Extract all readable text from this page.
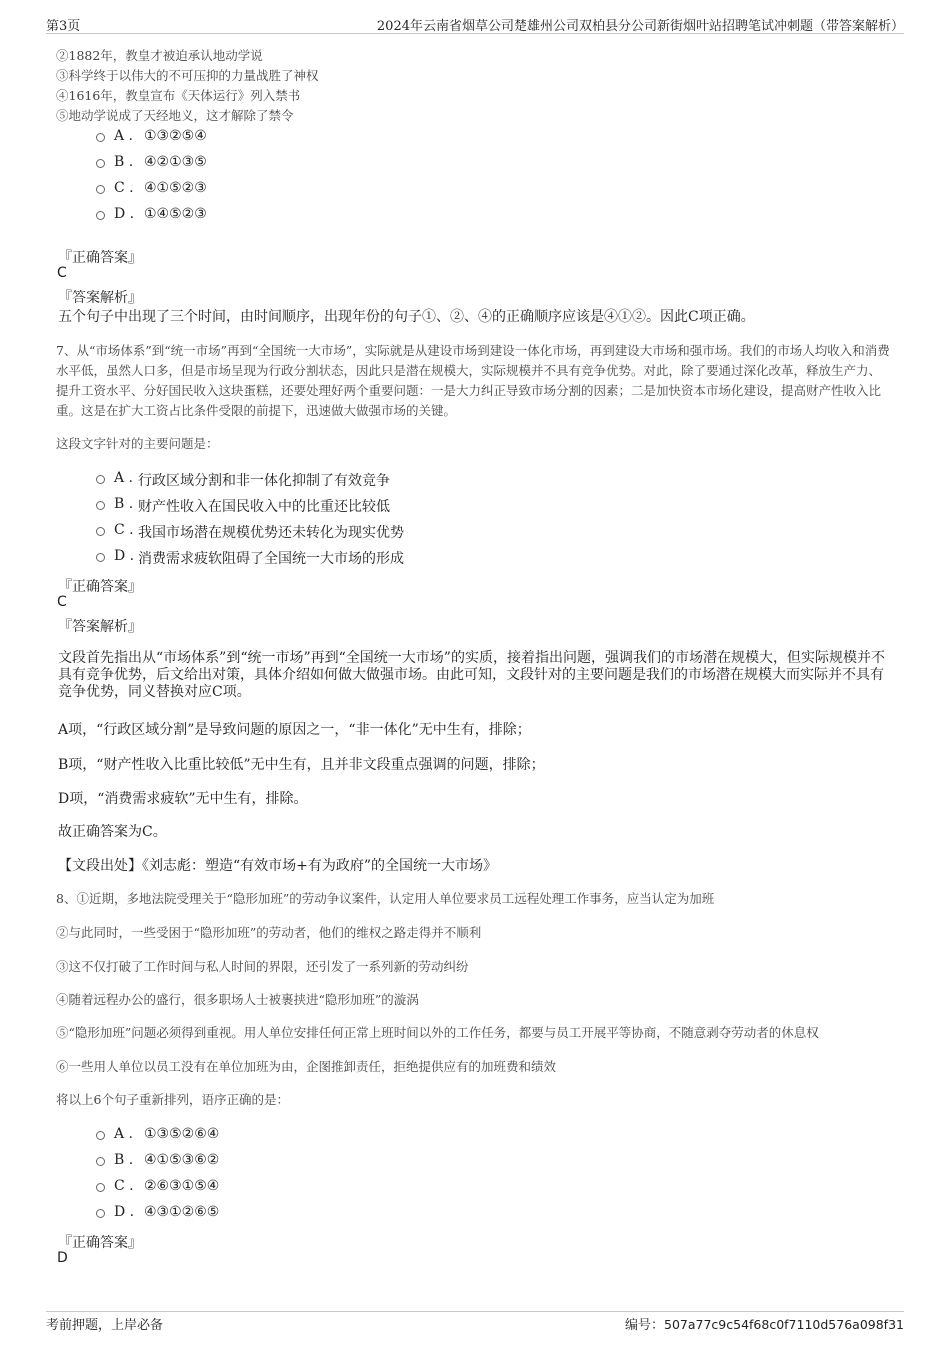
第3页	2024年云南省烟草公司楚雄州公司双柏县分公司新街烟叶站招聘笔试冲刺题（带答案解析）
②1882年，教皇才被迫承认地动学说
③科学终于以伟大的不可压抑的力量战胜了神权
④1616年，教皇宣布《天体运行》列入禁书
⑤地动学说成了天经地义，这才解除了禁令
A . ①③②⑤④
B . ④②①③⑤
C . ④①⑤②③
D . ①④⑤②③
『正确答案』
C
『答案解析』
五个句子中出现了三个时间，由时间顺序，出现年份的句子①、②、④的正确顺序应该是④①②。因此C项正确。
7、从“市场体系”到“统一市场”再到“全国统一大市场”，实际就是从建设市场到建设一体化市场，再到建设大市场和强市场。我们的市场人均收入和消费水平低，虽然人口多，但是市场呈现为行政分割状态，因此只是潜在规模大，实际规模并不具有竞争优势。对此，除了要通过深化改革，释放生产力、提升工资水平、分好国民收入这块蛋糕，还要处理好两个重要问题：一是大力纠正导致市场分割的因素；二是加快资本市场化建设，提高财产性收入比重。这是在扩大工资占比条件受限的前提下，迅速做大做强市场的关键。
这段文字针对的主要问题是：
A . 行政区域分割和非一体化抑制了有效竞争
B . 财产性收入在国民收入中的比重还比较低
C . 我国市场潜在规模优势还未转化为现实优势
D . 消费需求疲软阻碍了全国统一大市场的形成
『正确答案』
C
『答案解析』
文段首先指出从“市场体系”到“统一市场”再到“全国统一大市场”的实质，接着指出问题，强调我们的市场潜在规模大，但实际规模并不具有竞争优势，后文给出对策，具体介绍如何做大做强市场。由此可知，文段针对的主要问题是我们的市场潜在规模大而实际并不具有竞争优势，同义替换对应C项。
A项，“行政区域分割”是导致问题的原因之一，“非一体化”无中生有，排除；
B项，“财产性收入比重比较低”无中生有，且并非文段重点强调的问题，排除；
D项，“消费需求疲软”无中生有，排除。
故正确答案为C。
【文段出处】《刘志彪：塑造“有效市场+有为政府”的全国统一大市场》
8、①近期，多地法院受理关于“隐形加班”的劳动争议案件，认定用人单位要求员工远程处理工作事务，应当认定为加班
②与此同时，一些受困于“隐形加班”的劳动者，他们的维权之路走得并不顺利
③这不仅打破了工作时间与私人时间的界限，还引发了一系列新的劳动纠纷
④随着远程办公的盛行，很多职场人士被裹挟进“隐形加班”的漩涡
⑤“隐形加班”问题必须得到重视。用人单位安排任何正常上班时间以外的工作任务，都要与员工开展平等协商，不随意剥夺劳动者的休息权
⑥一些用人单位以员工没有在单位加班为由，企图推卸责任，拒绝提供应有的加班费和绩效
将以上6个句子重新排列，语序正确的是：
A . ①③⑤②⑥④
B . ④①⑤③⑥②
C . ②⑥③①⑤④
D . ④③①②⑥⑤
『正确答案』
D
考前押题，上岸必备	编号：507a77c9c54f68c0f7110d576a098f31
